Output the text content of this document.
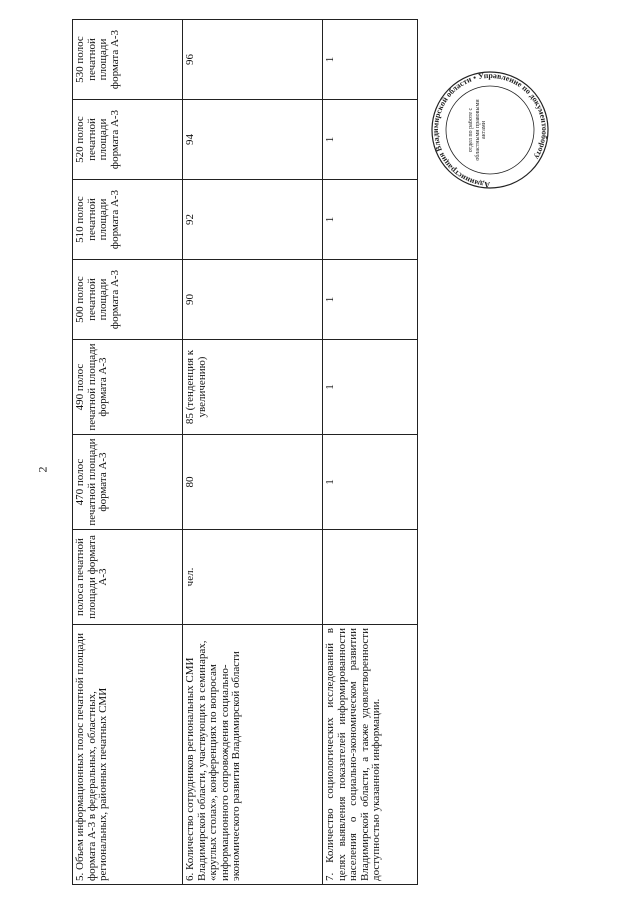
2
5. Объем информационных полос печатной площади формата А-3 в федеральных, областных, региональных, районных печатных СМИ	полоса печатной площади формата А-3	470 полос печатной площади формата А-3	490 полос печатной площади формата А-3	500 полос печатной площади формата А-3	510 полос печатной площади формата А-3	520 полос печатной площади формата А-3	530 полос печатной площади формата А-3
6. Количество сотрудников региональных СМИ Владимирской области, участвующих в семинарах, «круглых столах», конференциях по вопросам информационного сопровождения социально-экономического развития Владимирской области	чел.	80	85 (тенденция к увеличению)	90	92	94	96
7. Количество социологических исследований в целях выявления показателей информированности населения о социально-экономическом развитии Владимирской области, а также удовлетворенности доступностью указанной информации.		1	1	1	1	1	1
Администрация Владимирской области • Управление по документообороту
отдел по работе с областными правовыми актами
